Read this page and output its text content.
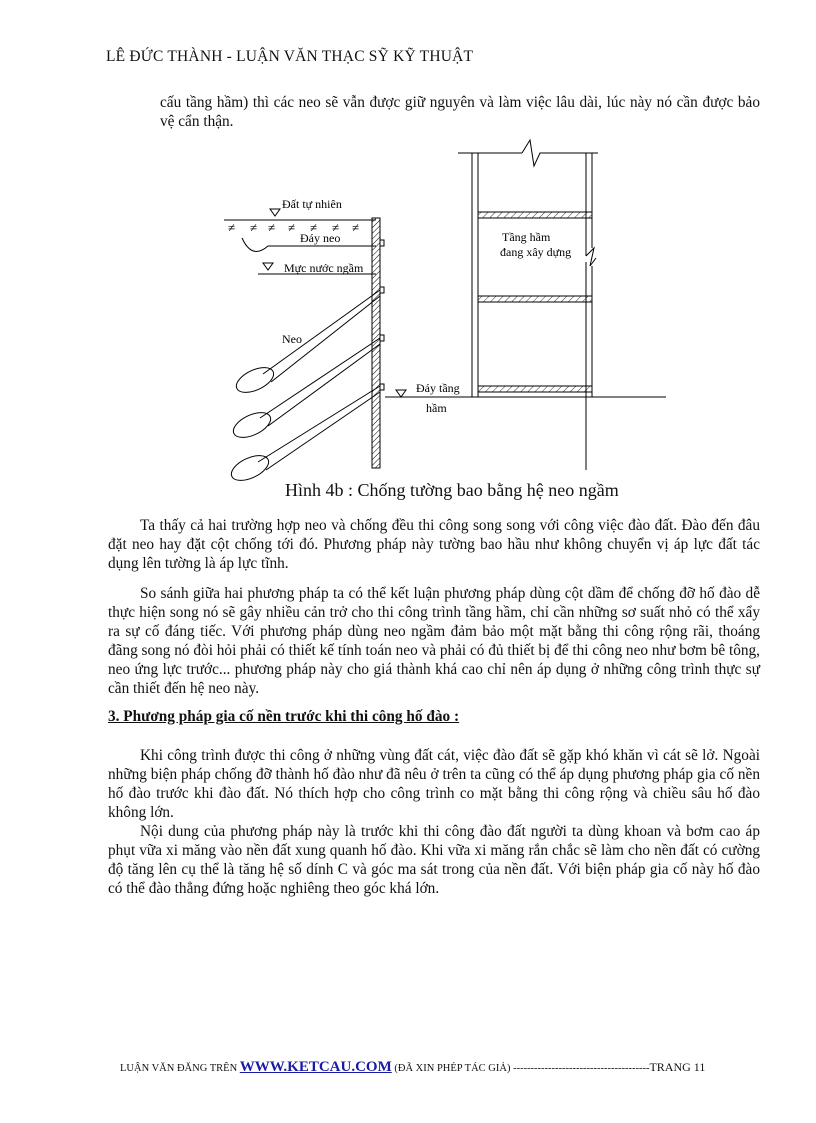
LÊ ĐỨC THÀNH - LUẬN VĂN THẠC SỸ KỸ THUẬT

cấu tầng hầm) thì các neo sẽ vẫn được giữ nguyên và làm việc lâu dài, lúc này nó cần được bảo vệ cẩn thận.

≠ ≠ ≠ ≠ ≠ ≠ ≠
Đất tự nhiên
Đáy neo
Mực nước ngầm
Neo
Đáy tầng
hầm
Tầng hầm
đang xây dựng
Hình 4b : Chống tường bao bằng hệ neo ngầm

Ta thấy cả hai trường hợp neo và chống đều thi công song song với công việc đào đất. Đào đến đâu đặt neo hay đặt cột chống tới đó. Phương pháp này tường bao hầu như không chuyển vị áp lực đất tác dụng lên tường là áp lực tĩnh.

So sánh giữa hai phương pháp ta có thể kết luận phương pháp dùng cột dầm để chống đỡ hố đào dễ thực hiện song nó sẽ gây nhiều cản trở cho thi công trình tầng hầm, chỉ cần những sơ suất nhỏ có thể xẩy ra sự cố đáng tiếc. Với phương pháp dùng neo ngầm đảm bảo một mặt bằng thi công rộng rãi, thoáng đãng song nó đòi hỏi phải có thiết kế tính toán neo và phải có đủ thiết bị để thi công neo như bơm bê tông, neo ứng lực trước... phương pháp này cho giá thành khá cao chỉ nên áp dụng ở những công trình thực sự cần thiết đến hệ neo này.

3. Phương pháp gia cố nền trước khi thi công hố đào :

Khi công trình được thi công ở những vùng đất cát, việc đào đất sẽ gặp khó khăn vì cát sẽ lở. Ngoài những biện pháp chống đỡ thành hố đào như đã nêu ở trên ta cũng có thể áp dụng phương pháp gia cố nền hố đào trước khi đào đất. Nó thích hợp cho công trình co mặt bằng thi công rộng và chiều sâu hố đào không lớn.

Nội dung của phương pháp này là trước khi thi công đào đất người ta dùng khoan và bơm cao áp phụt vữa xi măng vào nền đất xung quanh hố đào. Khi vữa xi măng rắn chắc sẽ làm cho nền đất có cường độ tăng lên cụ thể là tăng hệ số dính C và góc ma sát trong của nền đất. Với biện pháp gia cố này hố đào có thể đào thẳng đứng hoặc nghiêng theo góc khá lớn.

LUẬN VĂN ĐĂNG TRÊN WWW.KETCAU.COM (ĐÃ XIN PHÉP TÁC GIẢ) ---------------------------------------TRANG 11
